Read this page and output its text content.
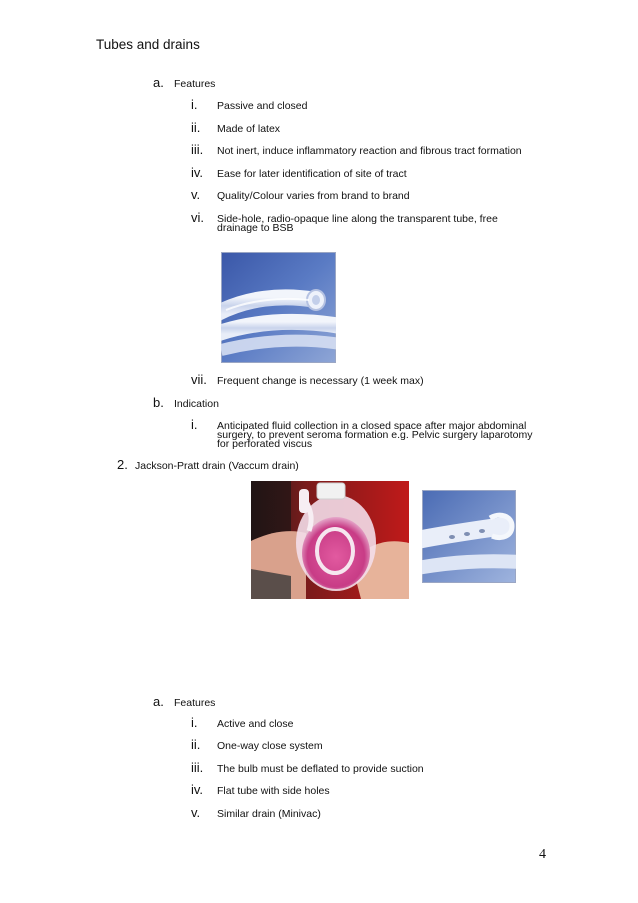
Tubes and drains
a. Features
i. Passive and closed
ii. Made of latex
iii. Not inert, induce inflammatory reaction and fibrous tract formation
iv. Ease for later identification of site of tract
v. Quality/Colour varies from brand to brand
vi. Side-hole, radio-opaque line along the transparent tube, free
drainage to BSB
vii. Frequent change is necessary (1 week max)
b. Indication
i. Anticipated fluid collection in a closed space after major abdominal
surgery, to prevent seroma formation e.g. Pelvic surgery laparotomy
for perforated viscus
2. Jackson-Pratt drain (Vaccum drain)
a. Features
i. Active and close
ii. One-way close system
iii. The bulb must be deflated to provide suction
iv. Flat tube with side holes
v. Similar drain (Minivac)
4
